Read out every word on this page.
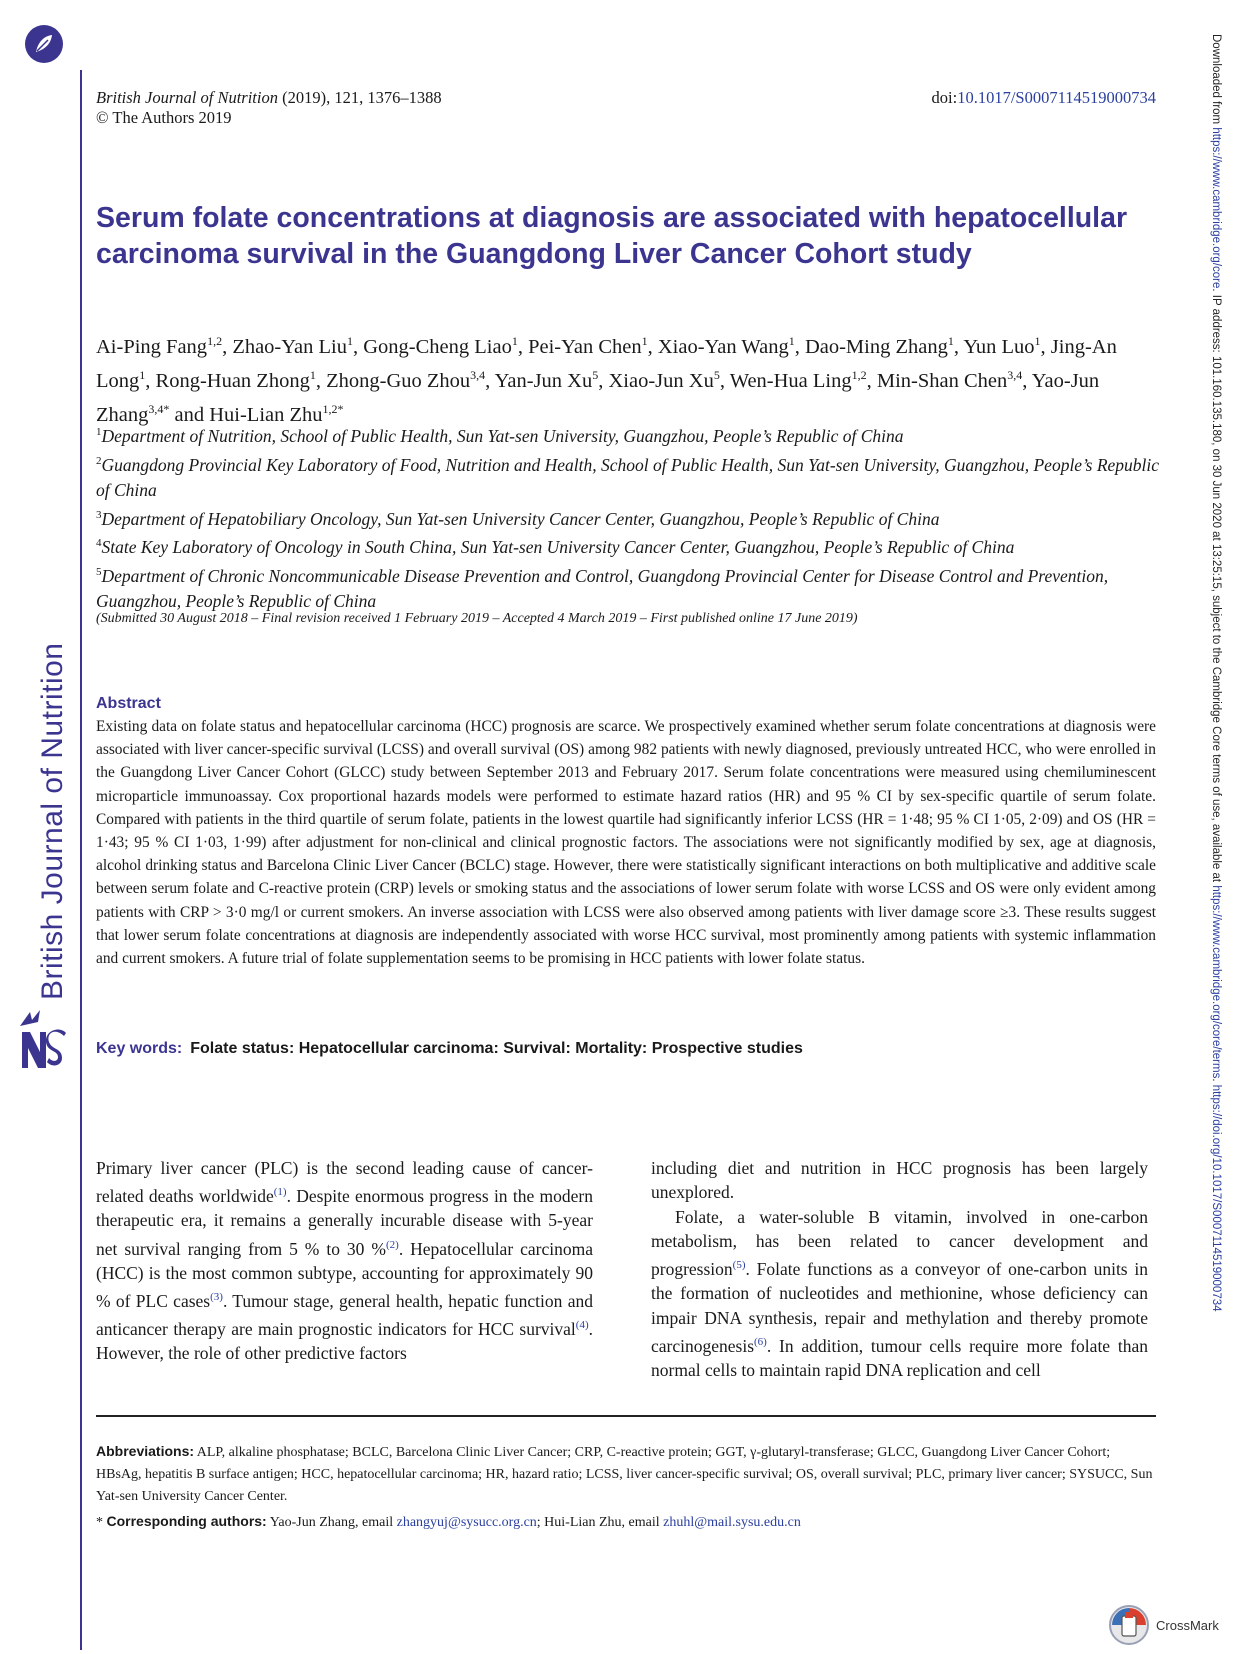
British Journal of Nutrition
Downloaded from https://www.cambridge.org/core. IP address: 101.160.135.180, on 30 Jun 2020 at 13:25:15, subject to the Cambridge Core terms of use, available at https://www.cambridge.org/core/terms. https://doi.org/10.1017/S0007114519000734
British Journal of Nutrition (2019), 121, 1376–1388
© The Authors 2019
doi:10.1017/S0007114519000734
Serum folate concentrations at diagnosis are associated with hepatocellular carcinoma survival in the Guangdong Liver Cancer Cohort study
Ai-Ping Fang$^{1,2}$, Zhao-Yan Liu$^1$, Gong-Cheng Liao$^1$, Pei-Yan Chen$^1$, Xiao-Yan Wang$^1$, Dao-Ming Zhang$^1$, Yun Luo$^1$, Jing-An Long$^1$, Rong-Huan Zhong$^1$, Zhong-Guo Zhou$^{3,4}$, Yan-Jun Xu$^5$, Xiao-Jun Xu$^5$, Wen-Hua Ling$^{1,2}$, Min-Shan Chen$^{3,4}$, Yao-Jun Zhang$^{3,4*}$ and Hui-Lian Zhu$^{1,2*}$
$^1$Department of Nutrition, School of Public Health, Sun Yat-sen University, Guangzhou, People’s Republic of China
$^2$Guangdong Provincial Key Laboratory of Food, Nutrition and Health, School of Public Health, Sun Yat-sen University, Guangzhou, People’s Republic of China
$^3$Department of Hepatobiliary Oncology, Sun Yat-sen University Cancer Center, Guangzhou, People’s Republic of China
$^4$State Key Laboratory of Oncology in South China, Sun Yat-sen University Cancer Center, Guangzhou, People’s Republic of China
$^5$Department of Chronic Noncommunicable Disease Prevention and Control, Guangdong Provincial Center for Disease Control and Prevention, Guangzhou, People’s Republic of China
(Submitted 30 August 2018 – Final revision received 1 February 2019 – Accepted 4 March 2019 – First published online 17 June 2019)
Abstract
Existing data on folate status and hepatocellular carcinoma (HCC) prognosis are scarce. We prospectively examined whether serum folate concentrations at diagnosis were associated with liver cancer-specific survival (LCSS) and overall survival (OS) among 982 patients with newly diagnosed, previously untreated HCC, who were enrolled in the Guangdong Liver Cancer Cohort (GLCC) study between September 2013 and February 2017. Serum folate concentrations were measured using chemiluminescent microparticle immunoassay. Cox proportional hazards models were performed to estimate hazard ratios (HR) and 95 % CI by sex-specific quartile of serum folate. Compared with patients in the third quartile of serum folate, patients in the lowest quartile had significantly inferior LCSS (HR = 1·48; 95 % CI 1·05, 2·09) and OS (HR = 1·43; 95 % CI 1·03, 1·99) after adjustment for non-clinical and clinical prognostic factors. The associations were not significantly modified by sex, age at diagnosis, alcohol drinking status and Barcelona Clinic Liver Cancer (BCLC) stage. However, there were statistically significant interactions on both multiplicative and additive scale between serum folate and C-reactive protein (CRP) levels or smoking status and the associations of lower serum folate with worse LCSS and OS were only evident among patients with CRP > 3·0 mg/l or current smokers. An inverse association with LCSS were also observed among patients with liver damage score ≥3. These results suggest that lower serum folate concentrations at diagnosis are independently associated with worse HCC survival, most prominently among patients with systemic inflammation and current smokers. A future trial of folate supplementation seems to be promising in HCC patients with lower folate status.
Key words: Folate status: Hepatocellular carcinoma: Survival: Mortality: Prospective studies

Primary liver cancer (PLC) is the second leading cause of cancer-related deaths worldwide$^{(1)}$. Despite enormous progress in the modern therapeutic era, it remains a generally incurable disease with 5-year net survival ranging from 5 % to 30 %$^{(2)}$. Hepatocellular carcinoma (HCC) is the most common subtype, accounting for approximately 90 % of PLC cases$^{(3)}$. Tumour stage, general health, hepatic function and anticancer therapy are main prognostic indicators for HCC survival$^{(4)}$. However, the role of other predictive factors

including diet and nutrition in HCC prognosis has been largely unexplored.

Folate, a water-soluble B vitamin, involved in one-carbon metabolism, has been related to cancer development and progression$^{(5)}$. Folate functions as a conveyor of one-carbon units in the formation of nucleotides and methionine, whose deficiency can impair DNA synthesis, repair and methylation and thereby promote carcinogenesis$^{(6)}$. In addition, tumour cells require more folate than normal cells to maintain rapid DNA replication and cell

Abbreviations: ALP, alkaline phosphatase; BCLC, Barcelona Clinic Liver Cancer; CRP, C-reactive protein; GGT, γ-glutaryl-transferase; GLCC, Guangdong Liver Cancer Cohort; HBsAg, hepatitis B surface antigen; HCC, hepatocellular carcinoma; HR, hazard ratio; LCSS, liver cancer-specific survival; OS, overall survival; PLC, primary liver cancer; SYSUCC, Sun Yat-sen University Cancer Center.
* Corresponding authors: Yao-Jun Zhang, email zhangyuj@sysucc.org.cn; Hui-Lian Zhu, email zhuhl@mail.sysu.edu.cn
CrossMark
